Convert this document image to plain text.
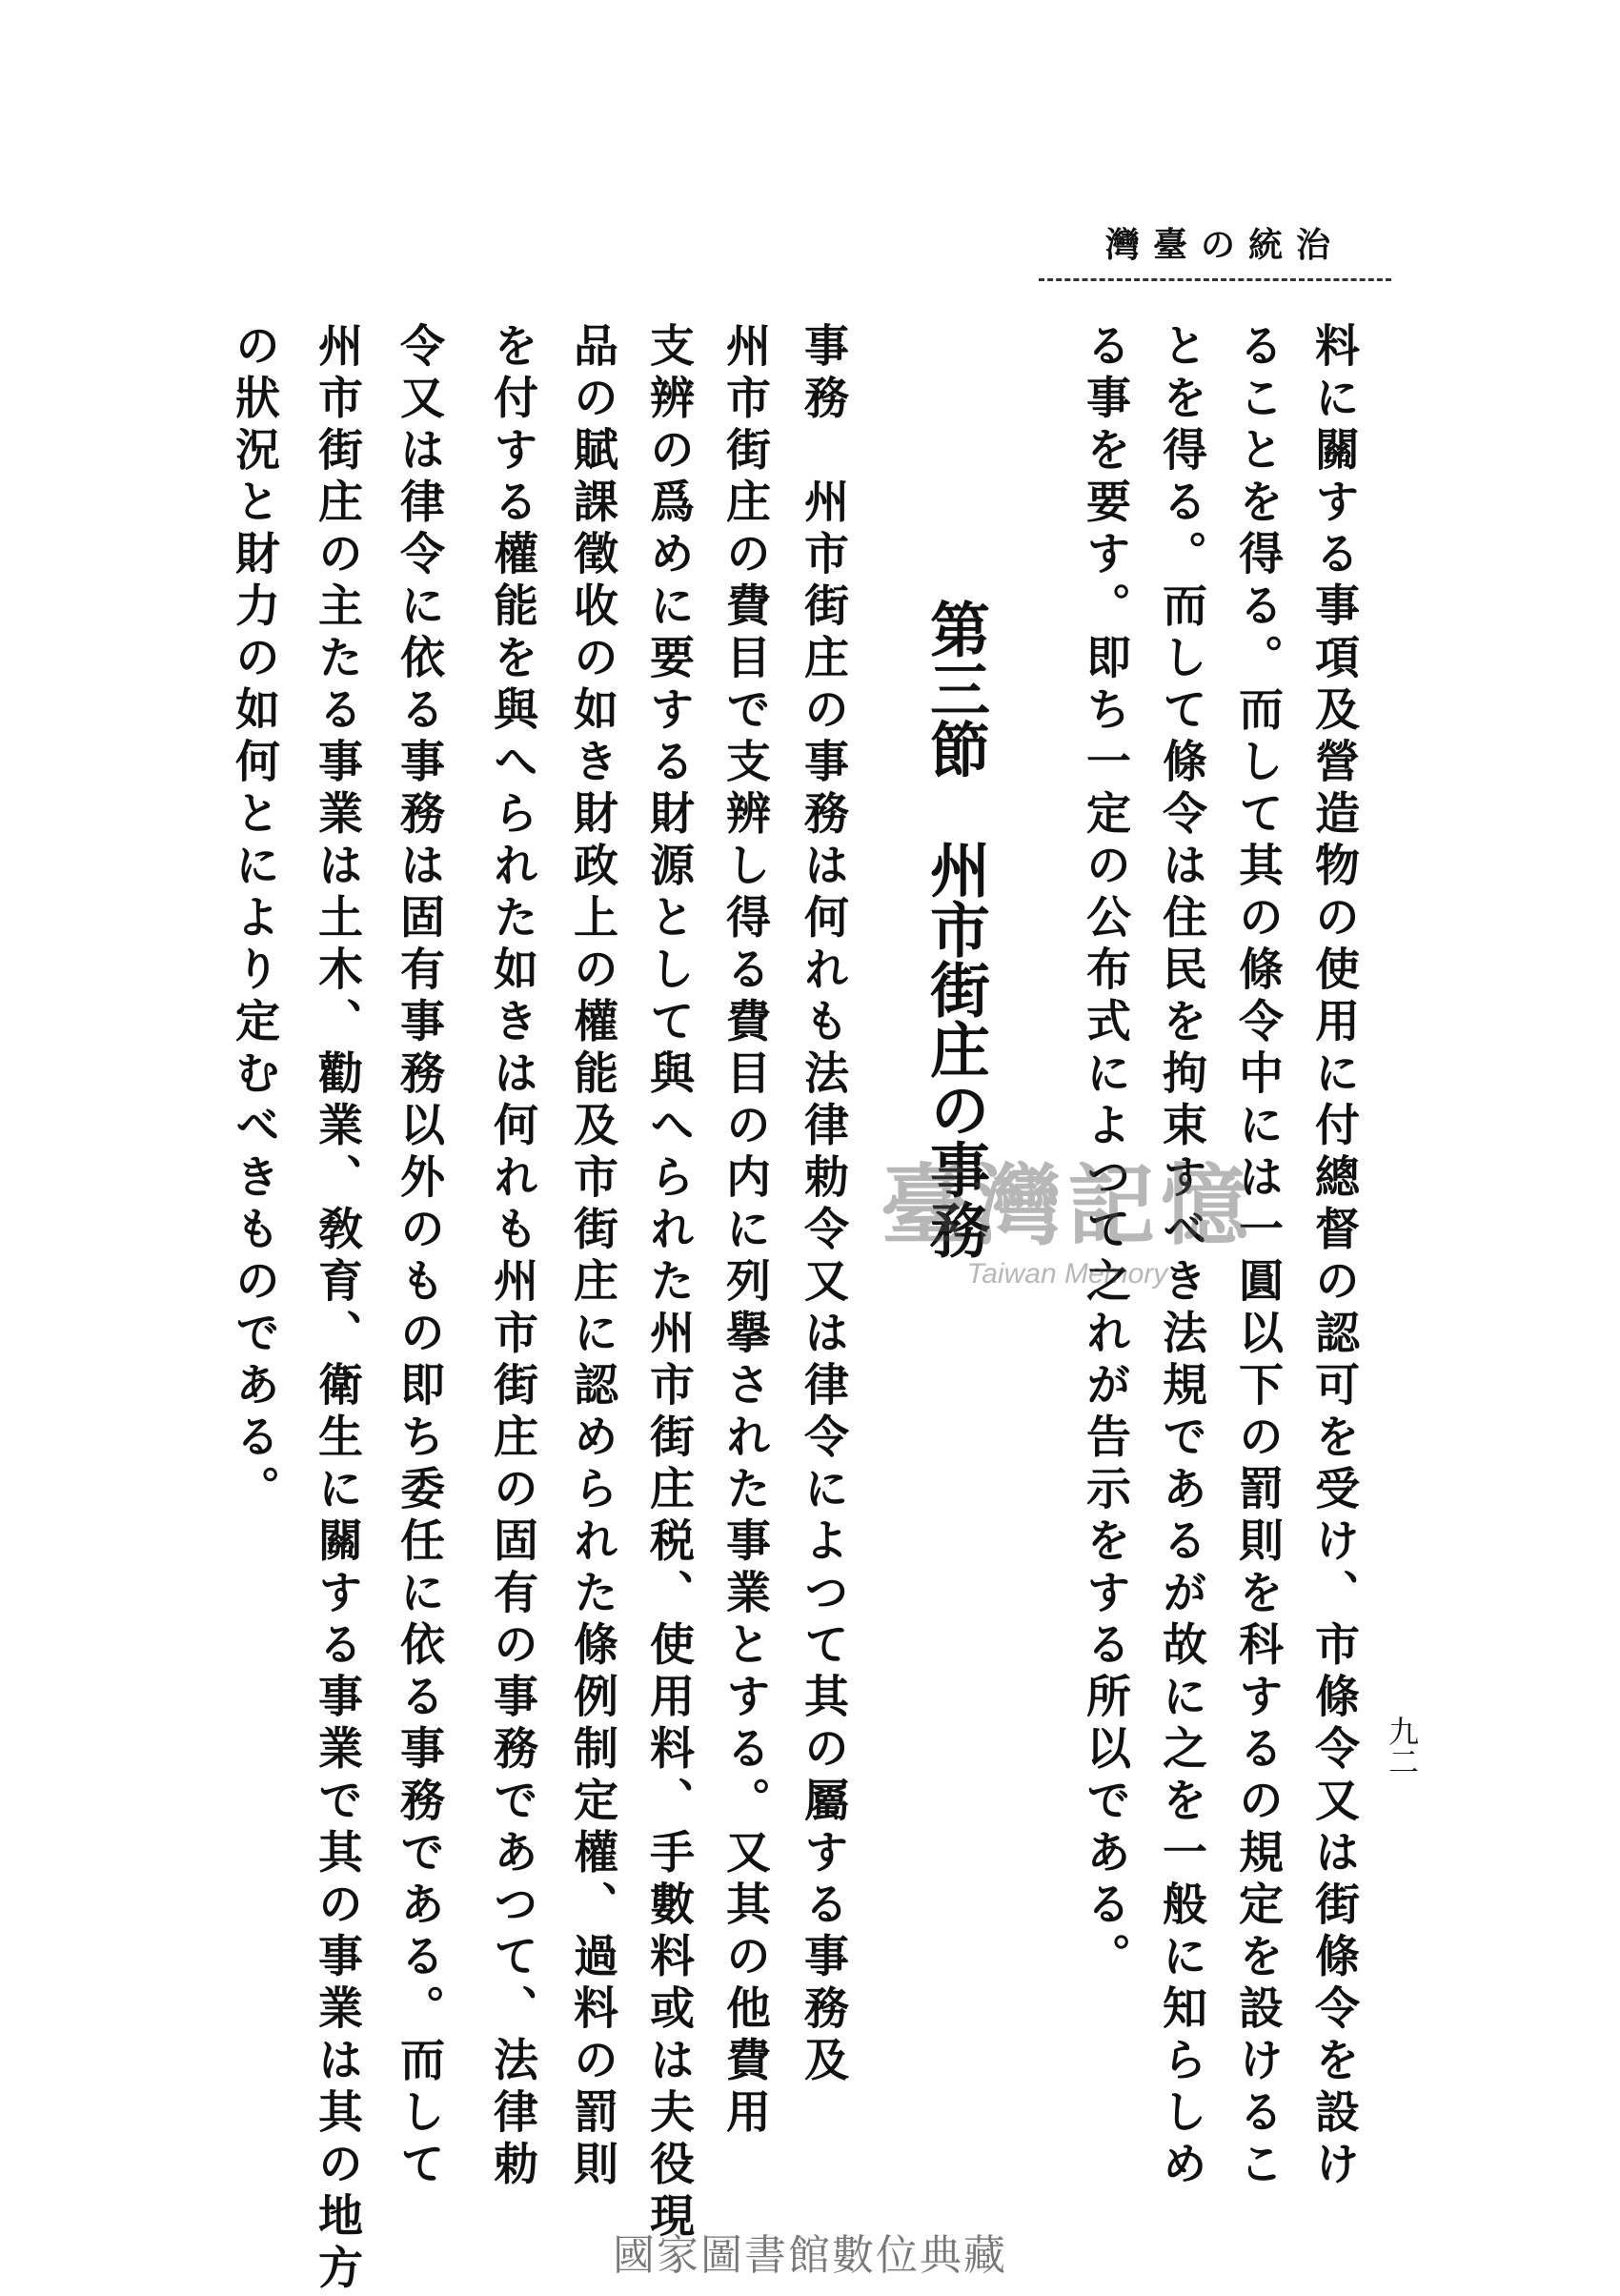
灣臺の統治
料に關する事項及營造物の使用に付總督の認可を受け、市條令又は街條令を設け
ることを得る。而して其の條令中には一圓以下の罰則を科するの規定を設けるこ
とを得る。而して條令は住民を拘束すべき法規であるが故に之を一般に知らしめ
る事を要す。即ち一定の公布式によつて之れが告示をする所以である。
第三節　州市街庄の事務
事務　州市街庄の事務は何れも法律勅令又は律令によつて其の屬する事務及
州市街庄の費目で支辨し得る費目の内に列擧された事業とする。又其の他費用
支辨の爲めに要する財源として與へられた州市街庄税、使用料、手數料或は夫役現
品の賦課徵收の如き財政上の權能及市街庄に認められた條例制定權、過料の罰則
を付する權能を與へられた如きは何れも州市街庄の固有の事務であつて、法律勅
令又は律令に依る事務は固有事務以外のもの即ち委任に依る事務である。而して
州市街庄の主たる事業は土木、勸業、敎育、衛生に關する事業で其の事業は其の地方
の狀況と財力の如何とにより定むべきものである。
九二
臺灣記憶
Taiwan Memory
國家圖書館數位典藏
